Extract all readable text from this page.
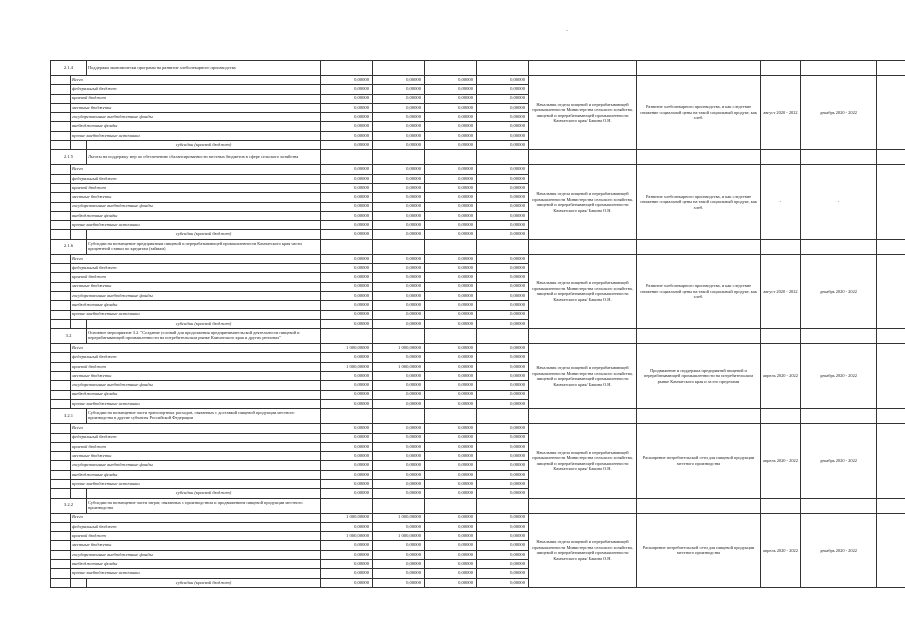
-
2.1.4		Поддержка экономически программ на развитие хлебопекарного производства									
	Всего		0,00000	0,00000	0,00000	0,00000	Начальник отдела пищевой и перерабатывающей промышленности Министерства сельского хозяйства, пищевой и перерабатывающей промышленности Камчатского края/ Бакина О.Н.	Развитие хлебопекарного производства, и как следствие снижение социальной цены на такой социальный продукт, как хлеб.	август 2020 - 2022	декабрь 2020 - 2022	
	федеральный бюджет		0,00000	0,00000	0,00000	0,00000					
	краевой бюджет		0,00000	0,00000	0,00000	0,00000					
	местные бюджеты		0,00000	0,00000	0,00000	0,00000					
	государственные внебюджетные фонды		0,00000	0,00000	0,00000	0,00000					
	внебюджетные фонды		0,00000	0,00000	0,00000	0,00000					
	прочие внебюджетные источники		0,00000	0,00000	0,00000	0,00000					
		субсидии (краевой бюджет)	0,00000	0,00000	0,00000	0,00000					
2.1.5		Льготы на поддержку мер по обеспечению сбалансированности местных бюджетов в сфере сельского хозяйства									
	Всего		0,00000	0,00000	0,00000	0,00000	Начальник отдела пищевой и перерабатывающей промышленности Министерства сельского хозяйства, пищевой и перерабатывающей промышленности Камчатского края/ Бакина О.Н.	Развитие хлебопекарного производства, и как следствие снижение социальной цены на такой социальный продукт, как хлеб.	-	-	
	федеральный бюджет		0,00000	0,00000	0,00000	0,00000					
	краевой бюджет		0,00000	0,00000	0,00000	0,00000					
	местные бюджеты		0,00000	0,00000	0,00000	0,00000					
	государственные внебюджетные фонды		0,00000	0,00000	0,00000	0,00000					
	внебюджетные фонды		0,00000	0,00000	0,00000	0,00000					
	прочие внебюджетные источники		0,00000	0,00000	0,00000	0,00000					
		субсидии (краевой бюджет)	0,00000	0,00000	0,00000	0,00000					
2.1.6		Субсидии на возмещение предприятиям пищевой и перерабатывающей промышленности Камчатского края части процентной ставки по кредитам (займам)									
	Всего		0,00000	0,00000	0,00000	0,00000	Начальник отдела пищевой и перерабатывающей промышленности Министерства сельского хозяйства, пищевой и перерабатывающей промышленности Камчатского края/ Бакина О.Н.	Развитие хлебопекарного производства, и как следствие снижение социальной цены на такой социальный продукт, как хлеб.	август 2020 - 2022	декабрь 2020 - 2022	
	федеральный бюджет		0,00000	0,00000	0,00000	0,00000					
	краевой бюджет		0,00000	0,00000	0,00000	0,00000					
	местные бюджеты		0,00000	0,00000	0,00000	0,00000					
	государственные внебюджетные фонды		0,00000	0,00000	0,00000	0,00000					
	внебюджетные фонды		0,00000	0,00000	0,00000	0,00000					
	прочие внебюджетные источники		0,00000	0,00000	0,00000	0,00000					
		субсидии (краевой бюджет)	0,00000	0,00000	0,00000	0,00000					
3.2		Основное мероприятие 3.2. "Создание условий для продолжения предпринимательской деятельности пищевой и перерабатывающей промышленности на потребительском рынке Камчатского края и других регионах"									
	Всего		1 000,00000	1 000,00000	0,00000	0,00000	Начальник отдела пищевой и перерабатывающей промышленности Министерства сельского хозяйства, пищевой и перерабатывающей промышленности Камчатского края/ Бакина О.Н.	Продвижение и поддержка предприятий пищевой и перерабатывающей промышленности на потребительском рынке Камчатского края и за его пределами	апрель 2020 - 2022	декабрь 2020 - 2022	
	федеральный бюджет		0,00000	0,00000	0,00000	0,00000					
	краевой бюджет		1 000,00000	1 000,00000	0,00000	0,00000					
	местные бюджеты		0,00000	0,00000	0,00000	0,00000					
	государственные внебюджетные фонды		0,00000	0,00000	0,00000	0,00000					
	внебюджетные фонды		0,00000	0,00000	0,00000	0,00000					
	прочие внебюджетные источники		0,00000	0,00000	0,00000	0,00000					
3.2.1		Субсидии на возмещение части транспортных расходов, связанных с доставкой пищевой продукции местного производства в другие субъекты Российской Федерации									
	Всего		0,00000	0,00000	0,00000	0,00000	Начальник отдела пищевой и перерабатывающей промышленности Министерства сельского хозяйства, пищевой и перерабатывающей промышленности Камчатского края/ Бакина О.Н.	Расширение потребительской сети для пищевой продукции местного производства	апрель 2020 - 2022	декабрь 2020 - 2022	
	федеральный бюджет		0,00000	0,00000	0,00000	0,00000					
	краевой бюджет		0,00000	0,00000	0,00000	0,00000					
	местные бюджеты		0,00000	0,00000	0,00000	0,00000					
	государственные внебюджетные фонды		0,00000	0,00000	0,00000	0,00000					
	внебюджетные фонды		0,00000	0,00000	0,00000	0,00000					
	прочие внебюджетные источники		0,00000	0,00000	0,00000	0,00000					
		субсидии (краевой бюджет)	0,00000	0,00000	0,00000	0,00000					
3.2.2		Субсидии на возмещение части затрат, связанных с производством и продвижением пищевой продукции местного производства									
	Всего		1 000,00000	1 000,00000	0,00000	0,00000	Начальник отдела пищевой и перерабатывающей промышленности Министерства сельского хозяйства, пищевой и перерабатывающей промышленности Камчатского края/ Бакина О.Н.	Расширение потребительской сети для пищевой продукции местного производства	апрель 2020 - 2022	декабрь 2020 - 2022	
	федеральный бюджет		0,00000	0,00000	0,00000	0,00000					
	краевой бюджет		1 000,00000	1 000,00000	0,00000	0,00000					
	местные бюджеты		0,00000	0,00000	0,00000	0,00000					
	государственные внебюджетные фонды		0,00000	0,00000	0,00000	0,00000					
	внебюджетные фонды		0,00000	0,00000	0,00000	0,00000					
	прочие внебюджетные источники		0,00000	0,00000	0,00000	0,00000					
		субсидии (краевой бюджет)	0,00000	0,00000	0,00000	0,00000					
